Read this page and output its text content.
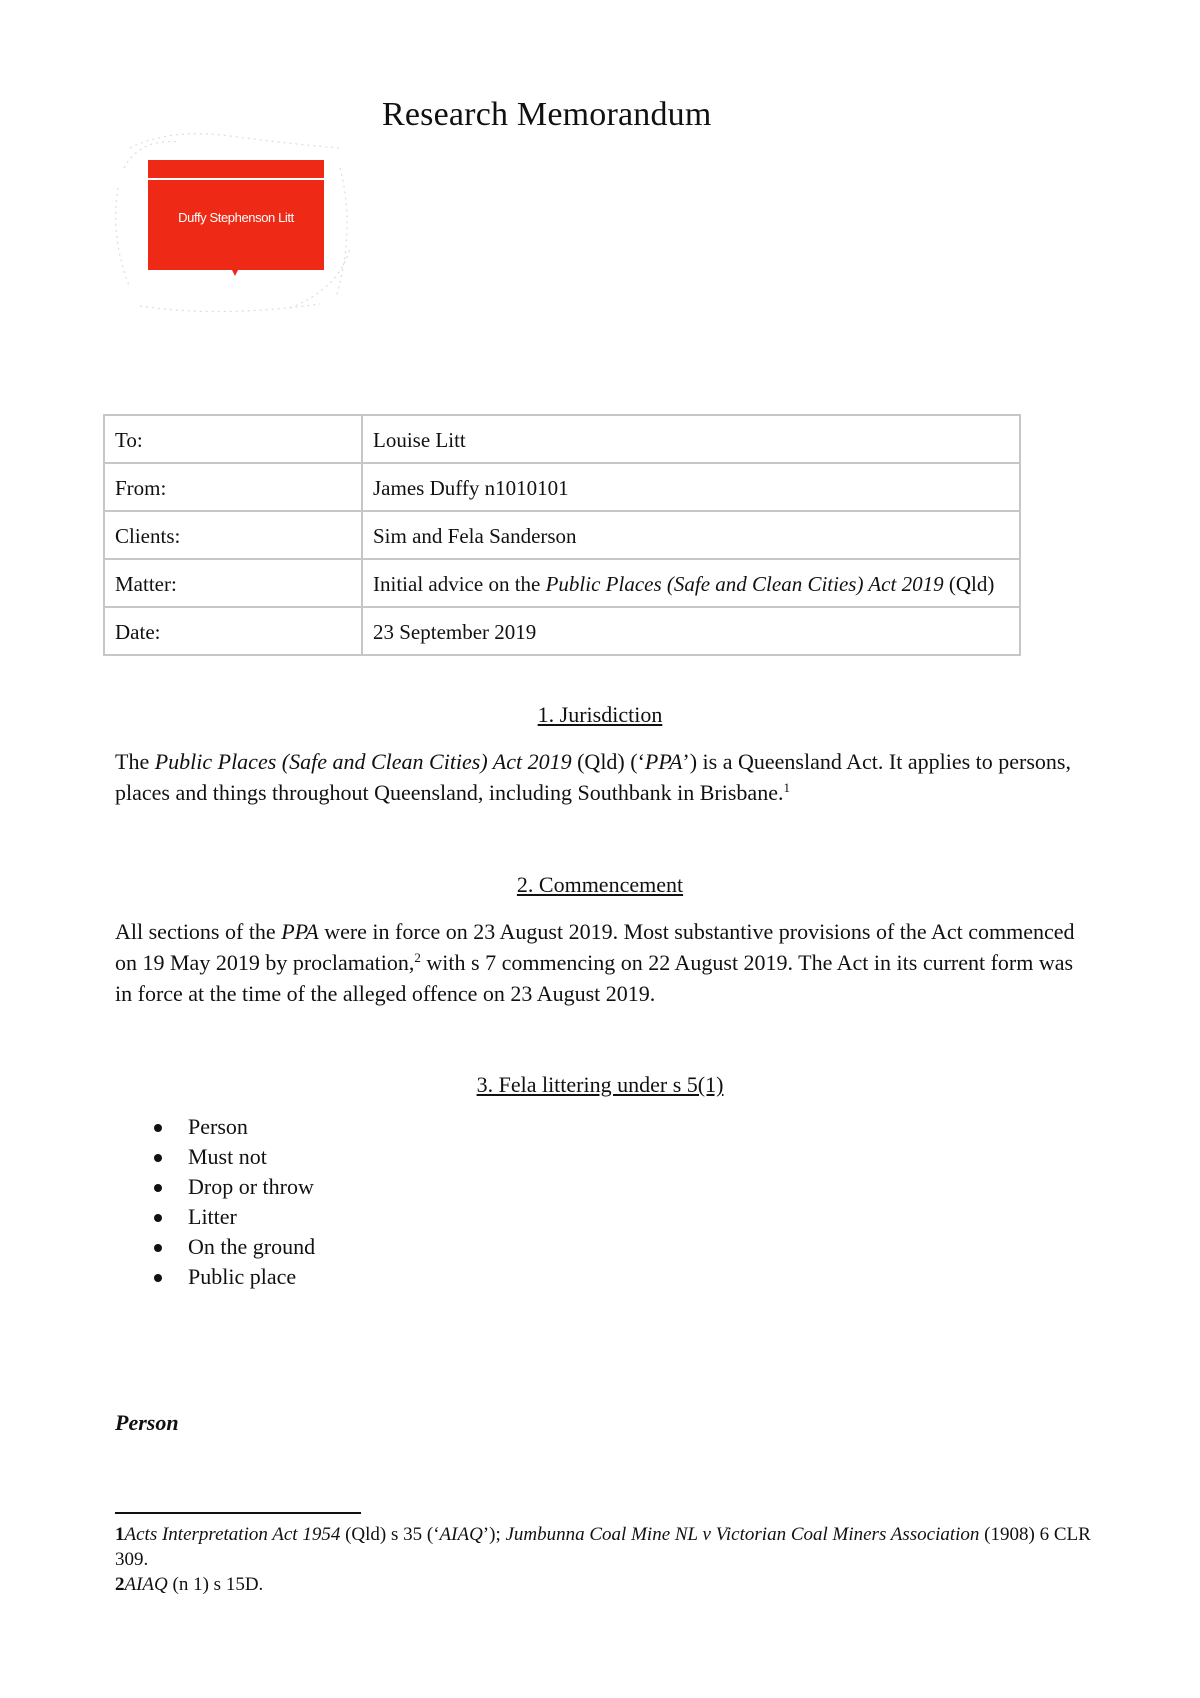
Research Memorandum
Duffy Stephenson Litt
To:	Louise Litt
From:	James Duffy n1010101
Clients:	Sim and Fela Sanderson
Matter:	Initial advice on the Public Places (Safe and Clean Cities) Act 2019 (Qld)
Date:	23 September 2019
1. Jurisdiction
The Public Places (Safe and Clean Cities) Act 2019 (Qld) (‘PPA’) is a Queensland Act. It applies to persons, places and things throughout Queensland, including Southbank in Brisbane.$^1$
2. Commencement
All sections of the PPA were in force on 23 August 2019. Most substantive provisions of the Act commenced on 19 May 2019 by proclamation,$^2$ with s 7 commencing on 22 August 2019. The Act in its current form was in force at the time of the alleged offence on 23 August 2019.
3. Fela littering under s 5(1)
Person
Must not
Drop or throw
Litter
On the ground
Public place
Person
1Acts Interpretation Act 1954 (Qld) s 35 (‘AIAQ’); Jumbunna Coal Mine NL v Victorian Coal Miners Association (1908) 6 CLR 309.
2AIAQ (n 1) s 15D.
